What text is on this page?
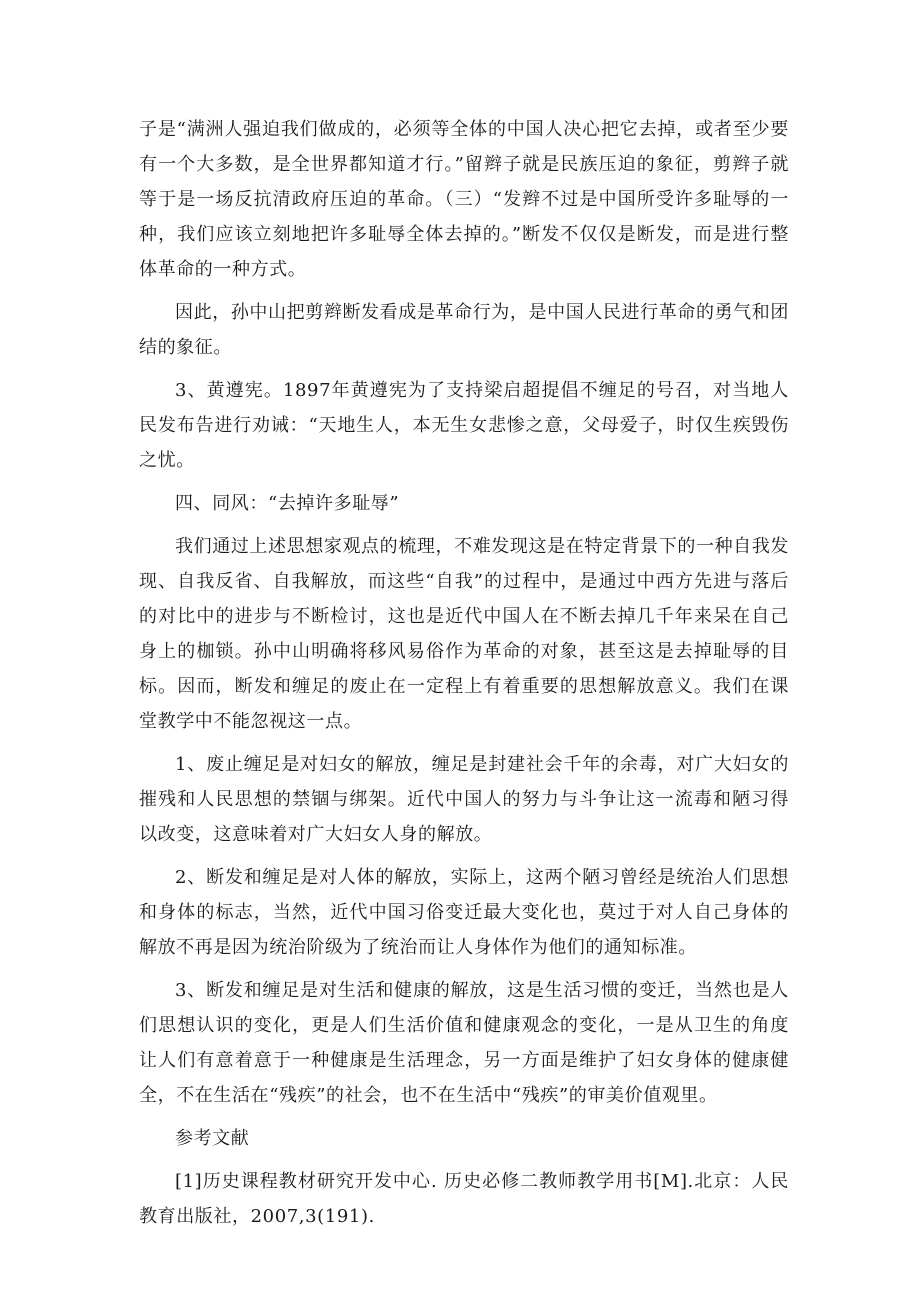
子是“满洲人强迫我们做成的，必须等全体的中国人决心把它去掉，或者至少要有一个大多数，是全世界都知道才行。”留辫子就是民族压迫的象征，剪辫子就等于是一场反抗清政府压迫的革命。（三）“发辫不过是中国所受许多耻辱的一种，我们应该立刻地把许多耻辱全体去掉的。”断发不仅仅是断发，而是进行整体革命的一种方式。

因此，孙中山把剪辫断发看成是革命行为，是中国人民进行革命的勇气和团结的象征。

3、黄遵宪。1897年黄遵宪为了支持梁启超提倡不缠足的号召，对当地人民发布告进行劝诫：“天地生人，本无生女悲惨之意，父母爱子，时仅生疾毁伤之忧。

四、同风：“去掉许多耻辱”

我们通过上述思想家观点的梳理，不难发现这是在特定背景下的一种自我发现、自我反省、自我解放，而这些“自我”的过程中，是通过中西方先进与落后的对比中的进步与不断检讨，这也是近代中国人在不断去掉几千年来呆在自己身上的枷锁。孙中山明确将移风易俗作为革命的对象，甚至这是去掉耻辱的目标。因而，断发和缠足的废止在一定程上有着重要的思想解放意义。我们在课堂教学中不能忽视这一点。

1、废止缠足是对妇女的解放，缠足是封建社会千年的余毒，对广大妇女的摧残和人民思想的禁锢与绑架。近代中国人的努力与斗争让这一流毒和陋习得以改变，这意味着对广大妇女人身的解放。

2、断发和缠足是对人体的解放，实际上，这两个陋习曾经是统治人们思想和身体的标志，当然，近代中国习俗变迁最大变化也，莫过于对人自己身体的解放不再是因为统治阶级为了统治而让人身体作为他们的通知标准。

3、断发和缠足是对生活和健康的解放，这是生活习惯的变迁，当然也是人们思想认识的变化，更是人们生活价值和健康观念的变化，一是从卫生的角度让人们有意着意于一种健康是生活理念，另一方面是维护了妇女身体的健康健全，不在生活在“残疾”的社会，也不在生活中“残疾”的审美价值观里。

参考文献

[1]历史课程教材研究开发中心. 历史必修二教师教学用书[M].北京：人民教育出版社，2007,3(191).
